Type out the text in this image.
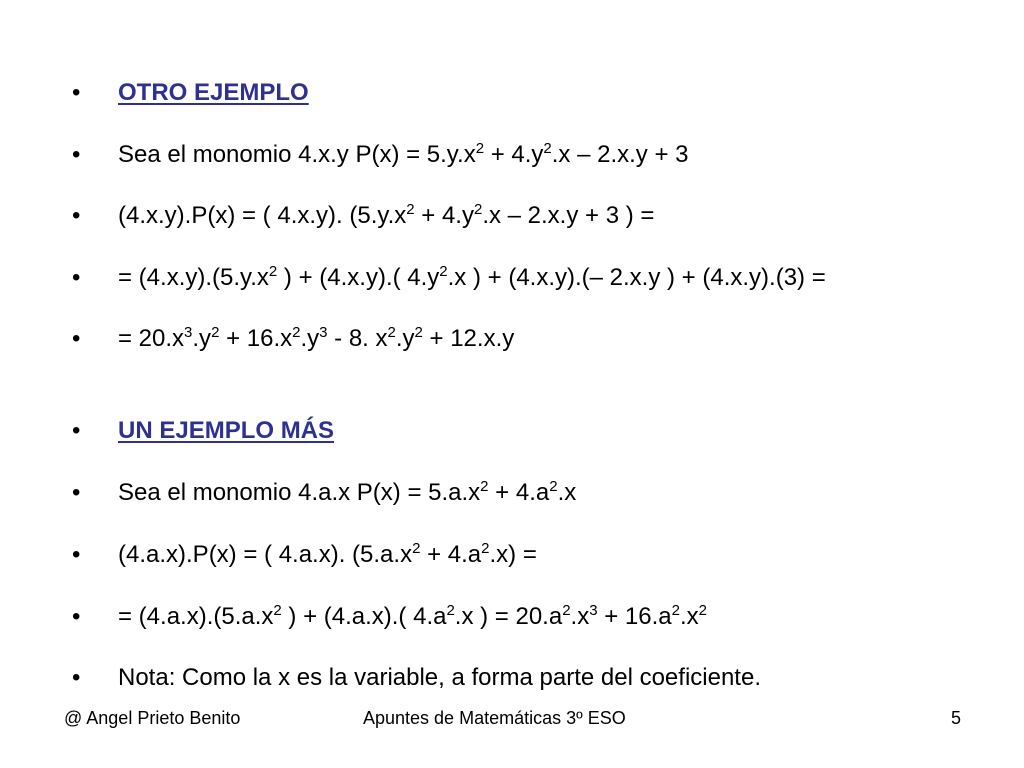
•	OTRO EJEMPLO
•	Sea el monomio 4.x.y $P(x) = 5.y.x^2 + 4.y^2.x - 2.x.y + 3$
•	(4.x.y).P(x) = ( 4.x.y). ($5.y.x^2 + 4.y^2.x - 2.x.y + 3$ ) =
•	= $(4.x.y).(5.y.x^2$ ) + (4.x.y).( $4.y^2.x$ ) + (4.x.y).(– 2.x.y ) + (4.x.y).(3) =
•	= $20.x^3.y^2 + 16.x^2.y^3 - 8$. $x^2.y^2 + 12.x.y$
•	UN EJEMPLO MÁS
•	Sea el monomio 4.a.x $P(x) = 5.a.x^2 + 4.a^2.x$
•	(4.a.x).P(x) = ( 4.a.x). $(5.a.x^2 + 4.a^2.x)$ =
•	= $(4.a.x).(5.a.x^2$ ) + (4.a.x).( $4.a^2.x$ ) = $20.a^2.x^3 + 16.a^2.x^2$
•	Nota: Como la x es la variable, a forma parte del coeficiente.
@ Angel Prieto Benito	Apuntes de Matemáticas 3º ESO	5
